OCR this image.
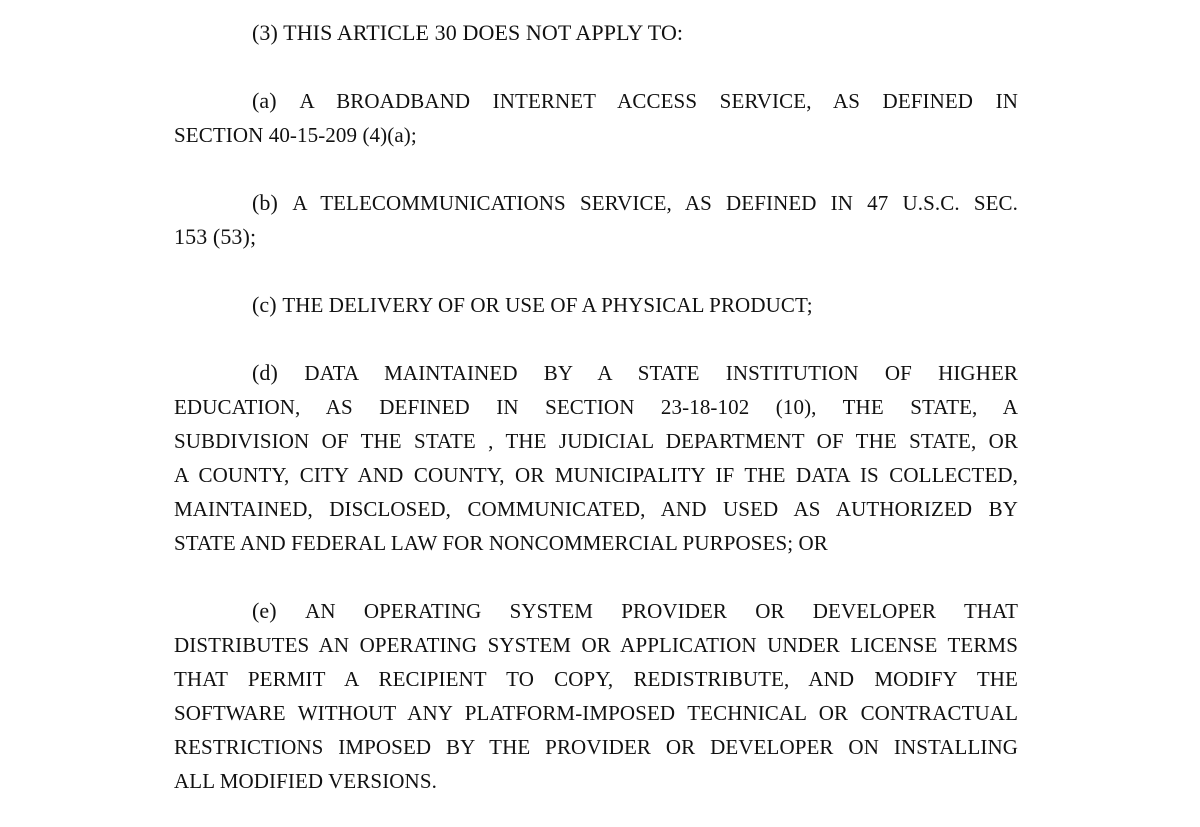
(3) THIS ARTICLE 30 DOES NOT APPLY TO:
(a) A BROADBAND INTERNET ACCESS SERVICE, AS DEFINED IN
SECTION 40-15-209 (4)(a);
(b) A TELECOMMUNICATIONS SERVICE, AS DEFINED IN 47 U.S.C. SEC.
153 (53);
(c) THE DELIVERY OF OR USE OF A PHYSICAL PRODUCT;
(d) DATA MAINTAINED BY A STATE INSTITUTION OF HIGHER
EDUCATION, AS DEFINED IN SECTION 23-18-102 (10), THE STATE, A
SUBDIVISION OF THE STATE , THE JUDICIAL DEPARTMENT OF THE STATE, OR
A COUNTY, CITY AND COUNTY, OR MUNICIPALITY IF THE DATA IS COLLECTED,
MAINTAINED, DISCLOSED, COMMUNICATED, AND USED AS AUTHORIZED BY
STATE AND FEDERAL LAW FOR NONCOMMERCIAL PURPOSES; OR
(e) AN OPERATING SYSTEM PROVIDER OR DEVELOPER THAT
DISTRIBUTES AN OPERATING SYSTEM OR APPLICATION UNDER LICENSE TERMS
THAT PERMIT A RECIPIENT TO COPY, REDISTRIBUTE, AND MODIFY THE
SOFTWARE WITHOUT ANY PLATFORM-IMPOSED TECHNICAL OR CONTRACTUAL
RESTRICTIONS IMPOSED BY THE PROVIDER OR DEVELOPER ON INSTALLING
ALL MODIFIED VERSIONS.
